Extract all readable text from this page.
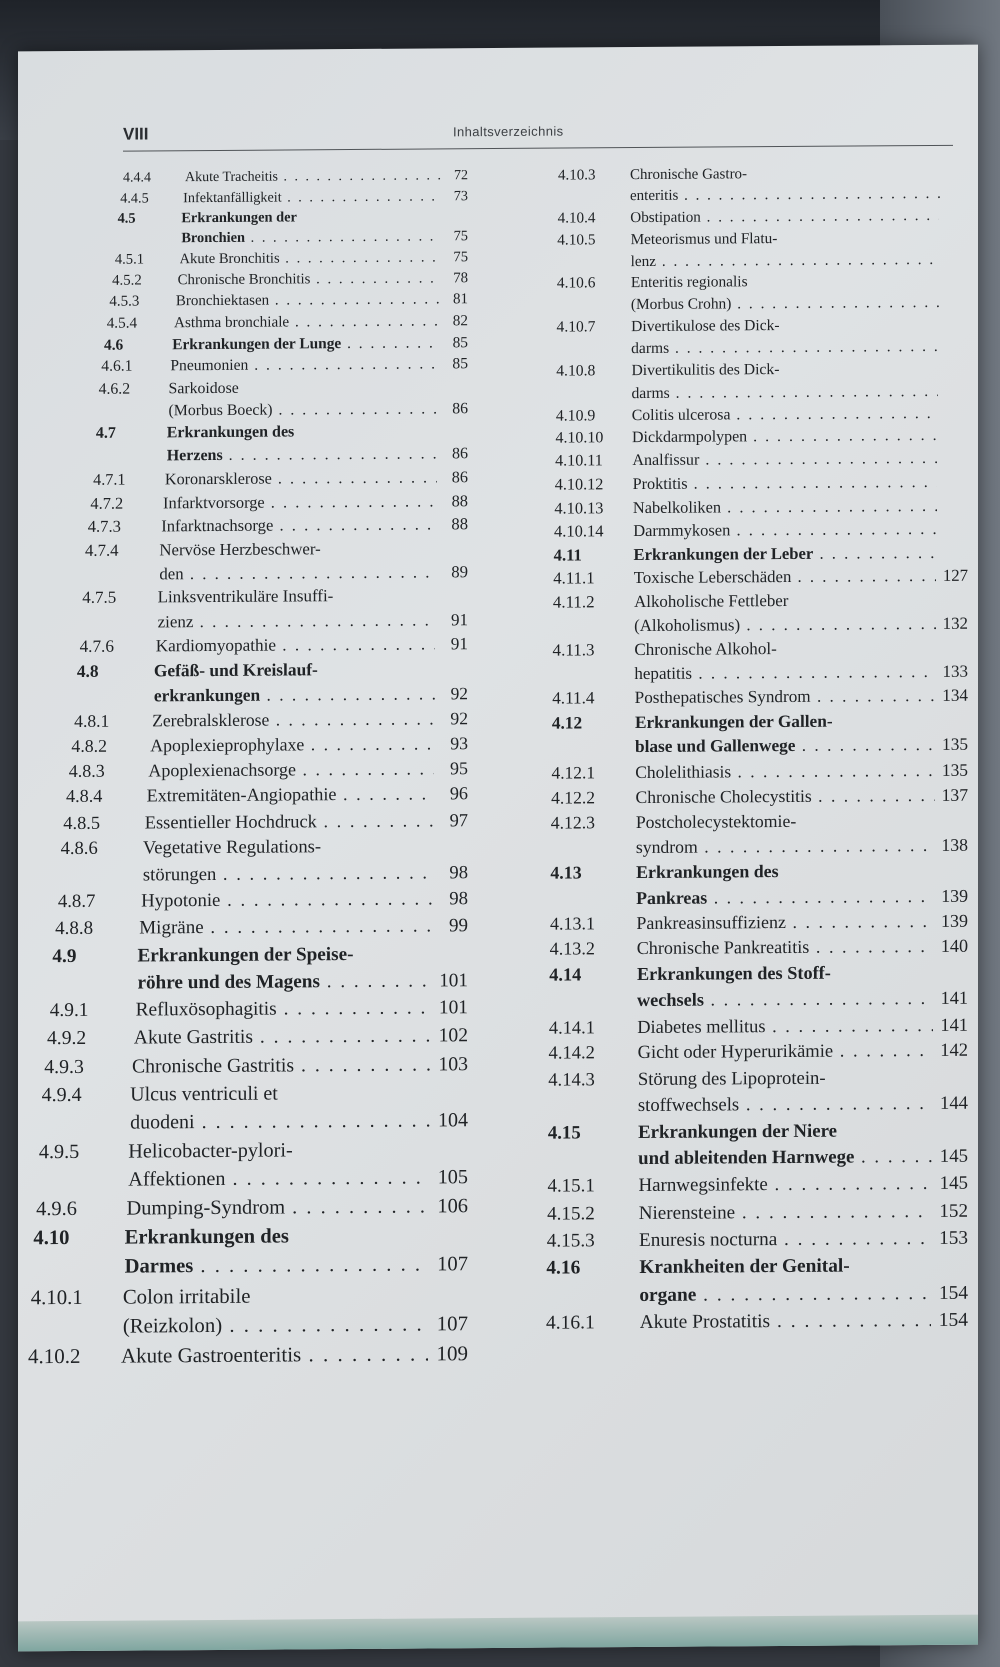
VIII	Inhaltsverzeichnis
4.4.4	Akute Tracheitis . . .	72
4.4.5	Infektanfälligkeit . . .	73
4.5	Erkrankungen der
Bronchien . . .	75
4.5.1	Akute Bronchitis . . .	75
4.5.2	Chronische Bronchitis . . .	78
4.5.3	Bronchiektasen . . .	81
4.5.4	Asthma bronchiale . . .	82
4.6	Erkrankungen der Lunge . . .	85
4.6.1	Pneumonien . . .	85
4.6.2	Sarkoidose
(Morbus Boeck) . . .	86
4.7	Erkrankungen des
Herzens . . .	86
4.7.1	Koronarsklerose . . .	86
4.7.2	Infarktvorsorge . . .	88
4.7.3	Infarktnachsorge . . .	88
4.7.4	Nervöse Herzbeschwer-
den . . .	89
4.7.5	Linksventrikuläre Insuffi-
zienz . . .	91
4.7.6	Kardiomyopathie . . .	91
4.8	Gefäß- und Kreislauf-
erkrankungen . . .	92
4.8.1	Zerebralsklerose . . .	92
4.8.2	Apoplexieprophylaxe . . .	93
4.8.3	Apoplexienachsorge . . .	95
4.8.4	Extremitäten-Angiopathie . . .	96
4.8.5	Essentieller Hochdruck . . .	97
4.8.6	Vegetative Regulations-
störungen . . .	98
4.8.7	Hypotonie . . .	98
4.8.8	Migräne . . .	99
4.9	Erkrankungen der Speise-
röhre und des Magens . . .	101
4.9.1	Refluxösophagitis . . .	101
4.9.2	Akute Gastritis . . .	102
4.9.3	Chronische Gastritis . . .	103
4.9.4	Ulcus ventriculi et
duodeni . . .	104
4.9.5	Helicobacter-pylori-
Affektionen . . .	105
4.9.6	Dumping-Syndrom . . .	106
4.10	Erkrankungen des
Darmes . . .	107
4.10.1	Colon irritabile
(Reizkolon) . . .	107
4.10.2	Akute Gastroenteritis . . .	109
4.10.3	Chronische Gastro-
enteritis . . .
4.10.4	Obstipation . . .
4.10.5	Meteorismus und Flatu-
lenz . . .
4.10.6	Enteritis regionalis
(Morbus Crohn) . . .
4.10.7	Divertikulose des Dick-
darms . . .
4.10.8	Divertikulitis des Dick-
darms . . .
4.10.9	Colitis ulcerosa . . .
4.10.10	Dickdarmpolypen . . .
4.10.11	Analfissur . . .
4.10.12	Proktitis . . .
4.10.13	Nabelkoliken . . .
4.10.14	Darmmykosen . . .
4.11	Erkrankungen der Leber . . .
4.11.1	Toxische Leberschäden . . .	127
4.11.2	Alkoholische Fettleber
(Alkoholismus) . . .	132
4.11.3	Chronische Alkohol-
hepatitis . . .	133
4.11.4	Posthepatisches Syndrom . . .	134
4.12	Erkrankungen der Gallen-
blase und Gallenwege . . .	135
4.12.1	Cholelithiasis . . .	135
4.12.2	Chronische Cholecystitis . . .	137
4.12.3	Postcholecystektomie-
syndrom . . .	138
4.13	Erkrankungen des
Pankreas . . .	139
4.13.1	Pankreasinsuffizienz . . .	139
4.13.2	Chronische Pankreatitis . . .	140
4.14	Erkrankungen des Stoff-
wechsels . . .	141
4.14.1	Diabetes mellitus . . .	141
4.14.2	Gicht oder Hyperurikämie . . .	142
4.14.3	Störung des Lipoprotein-
stoffwechsels . . .	144
4.15	Erkrankungen der Niere
und ableitenden Harnwege . . .	145
4.15.1	Harnwegsinfekte . . .	145
4.15.2	Nierensteine . . .	152
4.15.3	Enuresis nocturna . . .	153
4.16	Krankheiten der Genital-
organe . . .	154
4.16.1	Akute Prostatitis . . .	154
